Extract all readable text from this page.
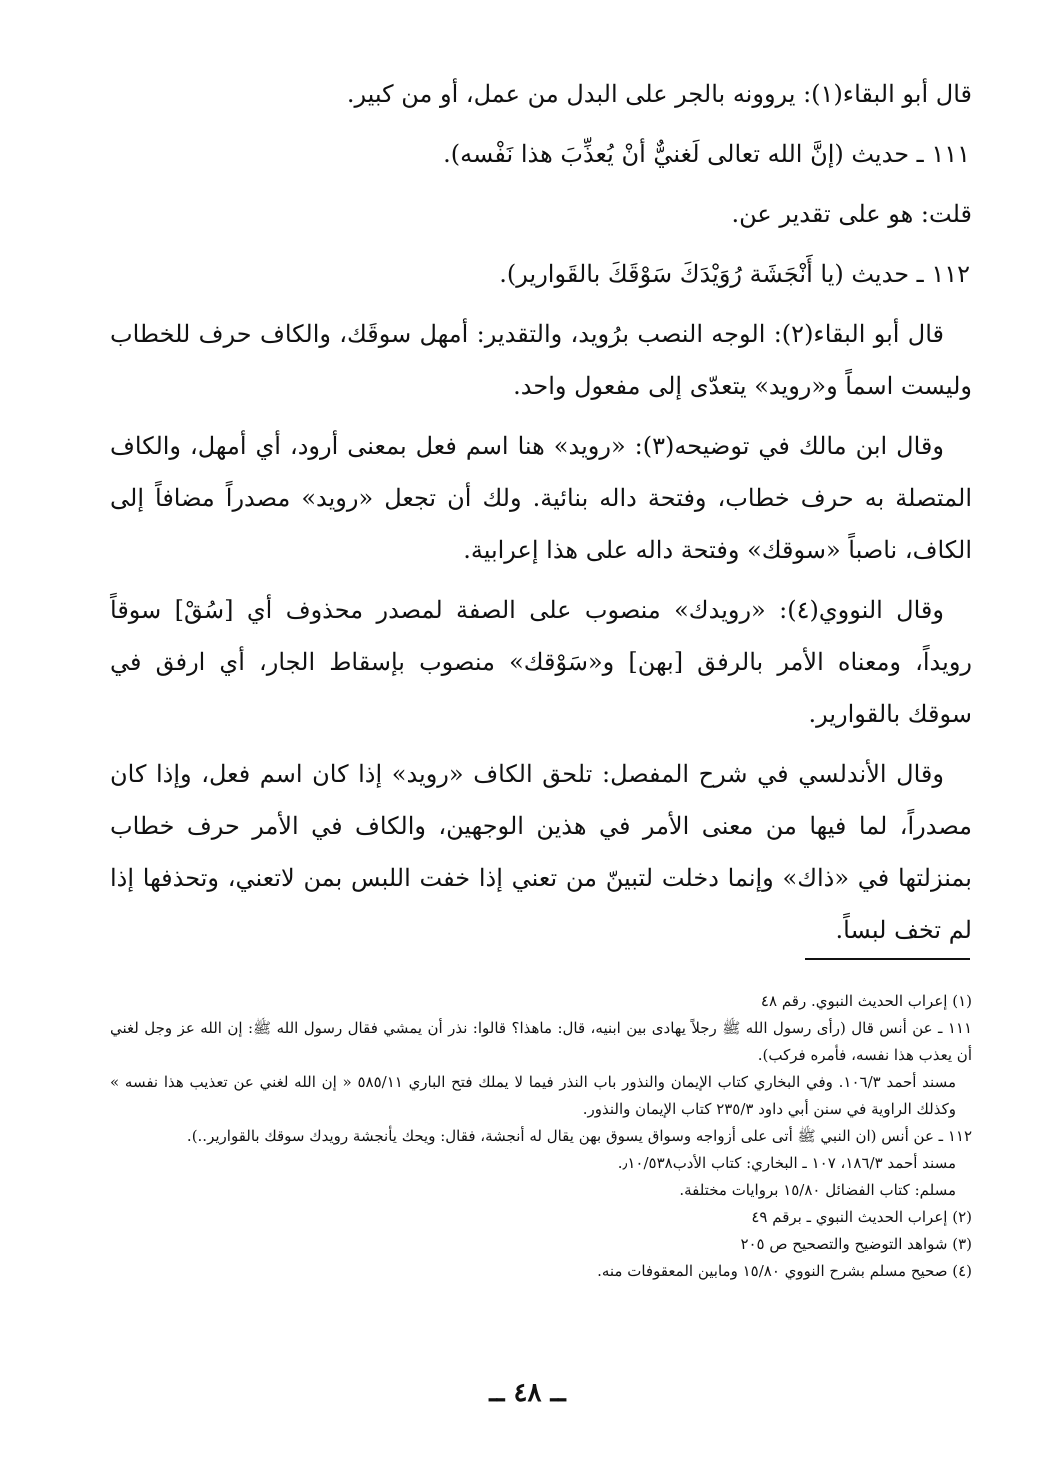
قال أبو البقاء(١): يروونه بالجر على البدل من عمل، أو من كبير.

١١١ ـ حديث (إنَّ الله تعالى لَغنيٌّ أنْ يُعذِّبَ هذا نَفْسه).

قلت: هو على تقدير عن.

١١٢ ـ حديث (يا أَنْجَشَة رُوَيْدَكَ سَوْقَكَ بالقَوارير).

قال أبو البقاء(٢): الوجه النصب برُويد، والتقدير: أمهل سوقَك، والكاف حرف للخطاب وليست اسماً و«رويد» يتعدّى إلى مفعول واحد.

وقال ابن مالك في توضيحه(٣): «رويد» هنا اسم فعل بمعنى أرود، أي أمهل، والكاف المتصلة به حرف خطاب، وفتحة داله بنائية. ولك أن تجعل «رويد» مصدراً مضافاً إلى الكاف، ناصباً «سوقك» وفتحة داله على هذا إعرابية.

وقال النووي(٤): «رويدك» منصوب على الصفة لمصدر محذوف أي [سُقْ] سوقاً رويداً، ومعناه الأمر بالرفق [بهن] و«سَوْقك» منصوب بإسقاط الجار، أي ارفق في سوقك بالقوارير.

وقال الأندلسي في شرح المفصل: تلحق الكاف «رويد» إذا كان اسم فعل، وإذا كان مصدراً، لما فيها من معنى الأمر في هذين الوجهين، والكاف في الأمر حرف خطاب بمنزلتها في «ذاك» وإنما دخلت لتبينّ من تعني إذا خفت اللبس بمن لاتعني، وتحذفها إذا لم تخف لبساً.

(١) إعراب الحديث النبوي. رقم ٤٨

١١١ ـ عن أنس قال (رأى رسول الله ﷺ رجلاً يهادى بين ابنيه، قال: ماهذا؟ قالوا: نذر أن يمشي فقال رسول الله ﷺ: إن الله عز وجل لغني أن يعذب هذا نفسه، فأمره فركب).

مسند أحمد ١٠٦/٣. وفي البخاري كتاب الإيمان والنذور باب النذر فيما لا يملك فتح الباري ٥٨٥/١١ « إن الله لغني عن تعذيب هذا نفسه » وكذلك الراوية في سنن أبي داود ٢٣٥/٣ كتاب الإيمان والنذور.

١١٢ ـ عن أنس (ان النبي ﷺ أتى على أزواجه وسواق يسوق بهن يقال له أنجشة، فقال: ويحك يأنجشة رويدك سوقك بالقوارير..).

مسند أحمد ١٨٦/٣، ١٠٧ ـ البخاري: كتاب الأدب٫١٠/٥٣٨.

مسلم: كتاب الفضائل ١٥/٨٠ بروايات مختلفة.

(٢) إعراب الحديث النبوي ـ برقم ٤٩

(٣) شواهد التوضيح والتصحيح ص ٢٠٥

(٤) صحيح مسلم بشرح النووي ١٥/٨٠ ومابين المعقوفات منه.

ــ ٤٨ ــ
